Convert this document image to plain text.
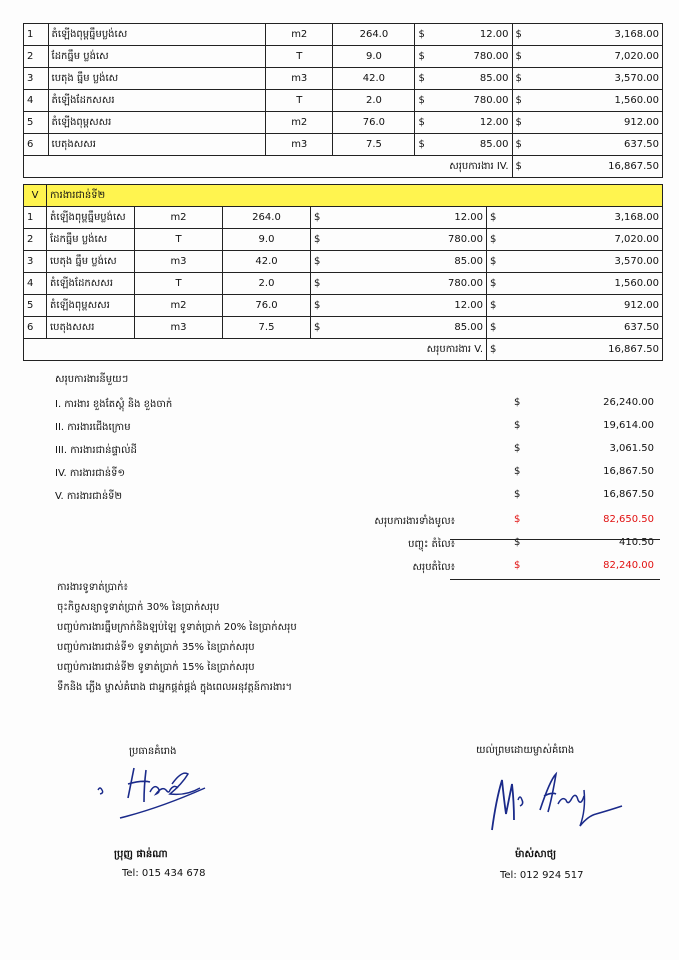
1	តំឡើងពុម្ពធ្នឹមប្លង់សេ	m2	264.0	$	12.00	$	3,168.00
2	ដែកធ្នឹម ប្លង់សេ	T	9.0	$	780.00	$	7,020.00
3	បេតុង ធ្នឹម ប្លង់សេ	m3	42.0	$	85.00	$	3,570.00
4	តំឡើងដែកសសរ	T	2.0	$	780.00	$	1,560.00
5	តំឡើងពុម្ពសសរ	m2	76.0	$	12.00	$	912.00
6	បេតុងសសរ	m3	7.5	$	85.00	$	637.50
	សរុបការងារ IV.					$	16,867.50
V	ការងារជាន់ទី២						
1	តំឡើងពុម្ពធ្នឹមប្លង់សេ	m2	264.0	$	12.00	$	3,168.00
2	ដែកធ្នឹម ប្លង់សេ	T	9.0	$	780.00	$	7,020.00
3	បេតុង ធ្នឹម ប្លង់សេ	m3	42.0	$	85.00	$	3,570.00
4	តំឡើងដែកសសរ	T	2.0	$	780.00	$	1,560.00
5	តំឡើងពុម្ពសសរ	m2	76.0	$	12.00	$	912.00
6	បេតុងសសរ	m3	7.5	$	85.00	$	637.50
	សរុបការងារ V.					$	16,867.50
សរុបការងារនីមួយៗ
I. ការងារ ខួងតែស្តុំ និង ខួងចាក់	$	26,240.00
II. ការងារជើងក្រោម	$	19,614.00
III. ការងារជាន់ផ្ទាល់ដី	$	3,061.50
IV. ការងារជាន់ទី១	$	16,867.50
V. ការងារជាន់ទី២	$	16,867.50
សរុបការងារទាំងមូល៖	$	82,650.50
បញ្ចុះ តំលៃ៖	$	410.50
សរុបតំលៃ៖	$	82,240.00
ការងារទូទាត់ប្រាក់៖
ចុះកិច្ចសន្យាទូទាត់ប្រាក់ 30% នៃប្រាក់សរុប
បញ្ចប់ការងារធ្នឹមក្រាក់និងឡប់ឡៃ ទូទាត់ប្រាក់ 20% នៃប្រាក់សរុប
បញ្ចប់ការងារជាន់ទី១ ទូទាត់ប្រាក់ 35% នៃប្រាក់សរុប
បញ្ចប់ការងារជាន់ទី២ ទូទាត់ប្រាក់ 15% នៃប្រាក់សរុប
ទឹកនិង ភ្លើង ម្ចាស់គំរោង ជាអ្នកផ្គត់ផ្គង់ ក្នុងពេលអនុវត្តន៍ការងារ។
ប្រធានគំរោង
ប្រុញ ផាន់ណា
Tel: 015 434 678
យល់ព្រមដោយម្ចាស់គំរោង
ម៉ាស់សាថ្យ
Tel: 012 924 517
